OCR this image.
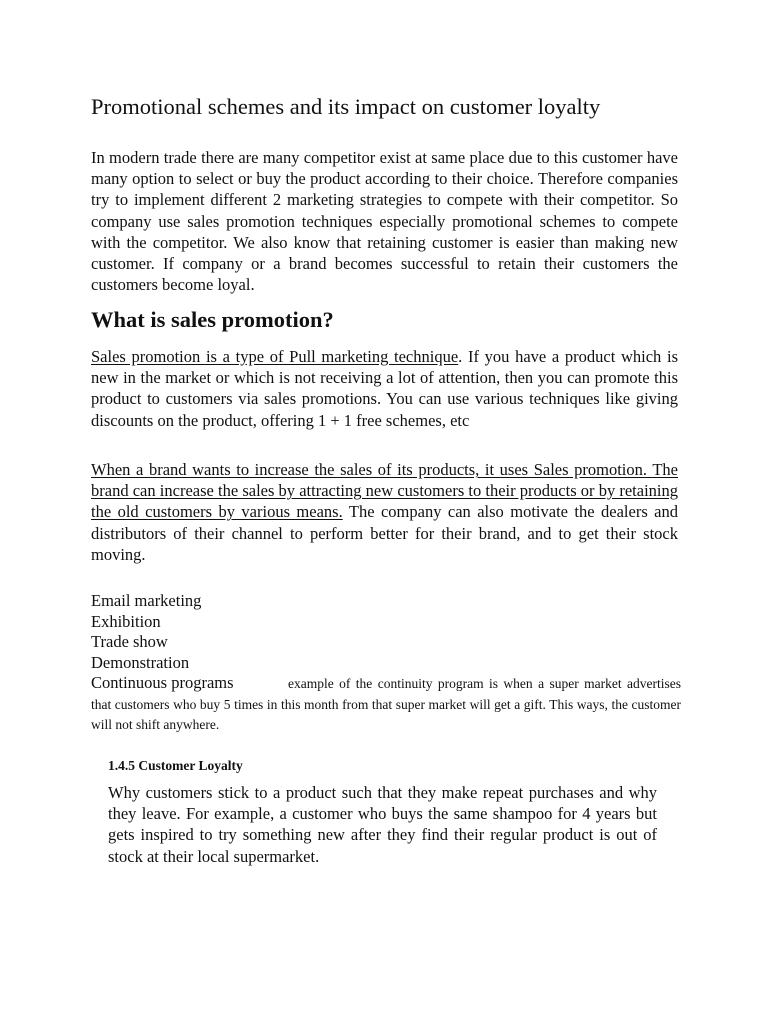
Promotional schemes and its impact on customer loyalty
In modern trade there are many competitor exist at same place due to this customer have many option to select or buy the product according to their choice. Therefore companies try to implement different 2 marketing strategies to compete with their competitor. So company use sales promotion techniques especially promotional schemes to compete with the competitor. We also know that retaining customer is easier than making new customer. If company or a brand becomes successful to retain their customers the customers become loyal.
What is sales promotion?
Sales promotion is a type of Pull marketing technique. If you have a product which is new in the market or which is not receiving a lot of attention, then you can promote this product to customers via sales promotions. You can use various techniques like giving discounts on the product, offering 1 + 1 free schemes, etc
When a brand wants to increase the sales of its products, it uses Sales promotion. The brand can increase the sales by attracting new customers to their products or by retaining the old customers by various means. The company can also motivate the dealers and distributors of their channel to perform better for their brand, and to get their stock moving.
Email marketing
Exhibition
Trade show
Demonstration
Continuous programs	example of the continuity program is when a super market advertises that customers who buy 5 times in this month from that super market will get a gift. This ways, the customer will not shift anywhere.
1.4.5 Customer Loyalty
Why customers stick to a product such that they make repeat purchases and why they leave. For example, a customer who buys the same shampoo for 4 years but gets inspired to try something new after they find their regular product is out of stock at their local supermarket.
